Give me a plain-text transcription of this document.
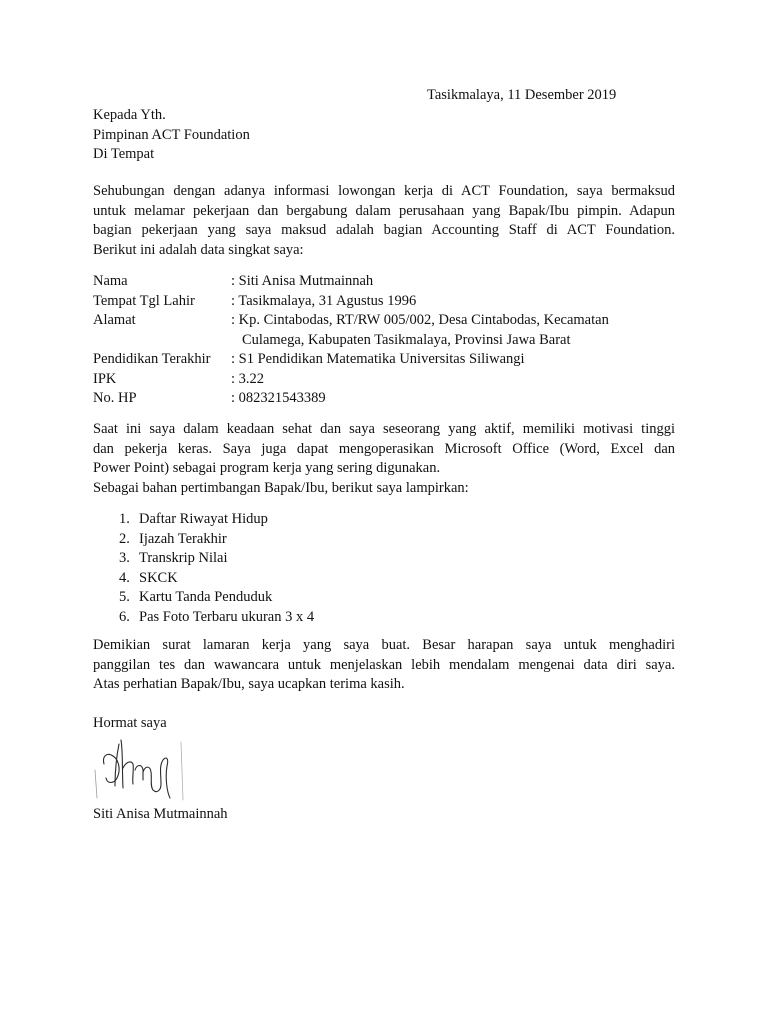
Tasikmalaya, 11 Desember 2019
Kepada Yth.
Pimpinan ACT Foundation
Di Tempat
Sehubungan dengan adanya informasi lowongan kerja di ACT Foundation, saya bermaksud
untuk melamar pekerjaan dan bergabung dalam perusahaan yang Bapak/Ibu pimpin. Adapun
bagian pekerjaan yang saya maksud adalah bagian Accounting Staff di ACT Foundation.
Berikut ini adalah data singkat saya:
Nama	: Siti Anisa Mutmainnah
Tempat Tgl Lahir	: Tasikmalaya, 31 Agustus 1996
Alamat	: Kp. Cintabodas, RT/RW 005/002, Desa Cintabodas, Kecamatan
Culamega, Kabupaten Tasikmalaya, Provinsi Jawa Barat
Pendidikan Terakhir	: S1 Pendidikan Matematika Universitas Siliwangi
IPK	: 3.22
No. HP	: 082321543389
Saat ini saya dalam keadaan sehat dan saya seseorang yang aktif, memiliki motivasi tinggi
dan pekerja keras. Saya juga dapat mengoperasikan Microsoft Office (Word, Excel dan
Power Point) sebagai program kerja yang sering digunakan.
Sebagai bahan pertimbangan Bapak/Ibu, berikut saya lampirkan:
1. Daftar Riwayat Hidup
2. Ijazah Terakhir
3. Transkrip Nilai
4. SKCK
5. Kartu Tanda Penduduk
6. Pas Foto Terbaru ukuran 3 x 4
Demikian surat lamaran kerja yang saya buat. Besar harapan saya untuk menghadiri
panggilan tes dan wawancara untuk menjelaskan lebih mendalam mengenai data diri saya.
Atas perhatian Bapak/Ibu, saya ucapkan terima kasih.
Hormat saya
Siti Anisa Mutmainnah
